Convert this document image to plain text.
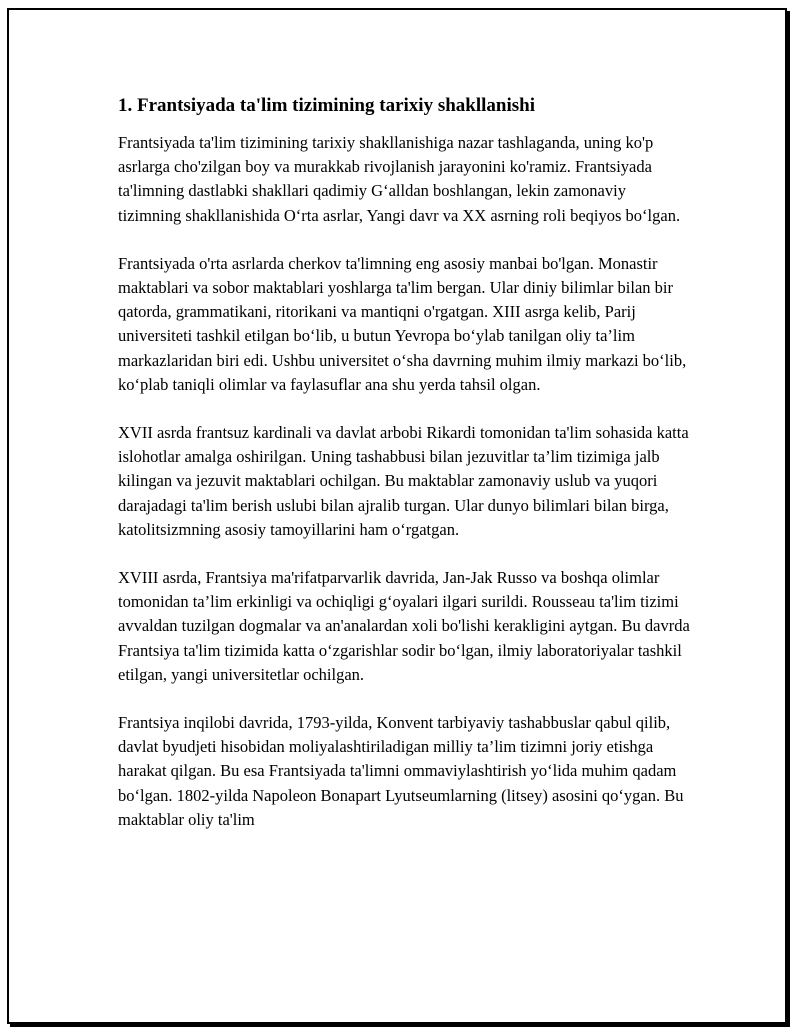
1. Frantsiyada ta'lim tizimining tarixiy shakllanishi

Frantsiyada ta'lim tizimining tarixiy shakllanishiga nazar tashlaganda, uning ko'p asrlarga cho'zilgan boy va murakkab rivojlanish jarayonini ko'ramiz. Frantsiyada ta'limning dastlabki shakllari qadimiy G‘alldan boshlangan, lekin zamonaviy tizimning shakllanishida O‘rta asrlar, Yangi davr va XX asrning roli beqiyos bo‘lgan.

Frantsiyada o'rta asrlarda cherkov ta'limning eng asosiy manbai bo'lgan. Monastir maktablari va sobor maktablari yoshlarga ta'lim bergan. Ular diniy bilimlar bilan bir qatorda, grammatikani, ritorikani va mantiqni o'rgatgan. XIII asrga kelib, Parij universiteti tashkil etilgan bo‘lib, u butun Yevropa bo‘ylab tanilgan oliy ta’lim markazlaridan biri edi. Ushbu universitet o‘sha davrning muhim ilmiy markazi bo‘lib, ko‘plab taniqli olimlar va faylasuflar ana shu yerda tahsil olgan.

XVII asrda frantsuz kardinali va davlat arbobi Rikardi tomonidan ta'lim sohasida katta islohotlar amalga oshirilgan. Uning tashabbusi bilan jezuvitlar ta’lim tizimiga jalb kilingan va jezuvit maktablari ochilgan. Bu maktablar zamonaviy uslub va yuqori darajadagi ta'lim berish uslubi bilan ajralib turgan. Ular dunyo bilimlari bilan birga, katolitsizmning asosiy tamoyillarini ham o‘rgatgan.

XVIII asrda, Frantsiya ma'rifatparvarlik davrida, Jan-Jak Russo va boshqa olimlar tomonidan ta’lim erkinligi va ochiqligi g‘oyalari ilgari surildi. Rousseau ta'lim tizimi avvaldan tuzilgan dogmalar va an'analardan xoli bo'lishi kerakligini aytgan. Bu davrda Frantsiya ta'lim tizimida katta o‘zgarishlar sodir bo‘lgan, ilmiy laboratoriyalar tashkil etilgan, yangi universitetlar ochilgan.

Frantsiya inqilobi davrida, 1793-yilda, Konvent tarbiyaviy tashabbuslar qabul qilib, davlat byudjeti hisobidan moliyalashtiriladigan milliy ta’lim tizimni joriy etishga harakat qilgan. Bu esa Frantsiyada ta'limni ommaviylashtirish yo‘lida muhim qadam bo‘lgan. 1802-yilda Napoleon Bonapart Lyutseumlarning (litsey) asosini qo‘ygan. Bu maktablar oliy ta'lim
